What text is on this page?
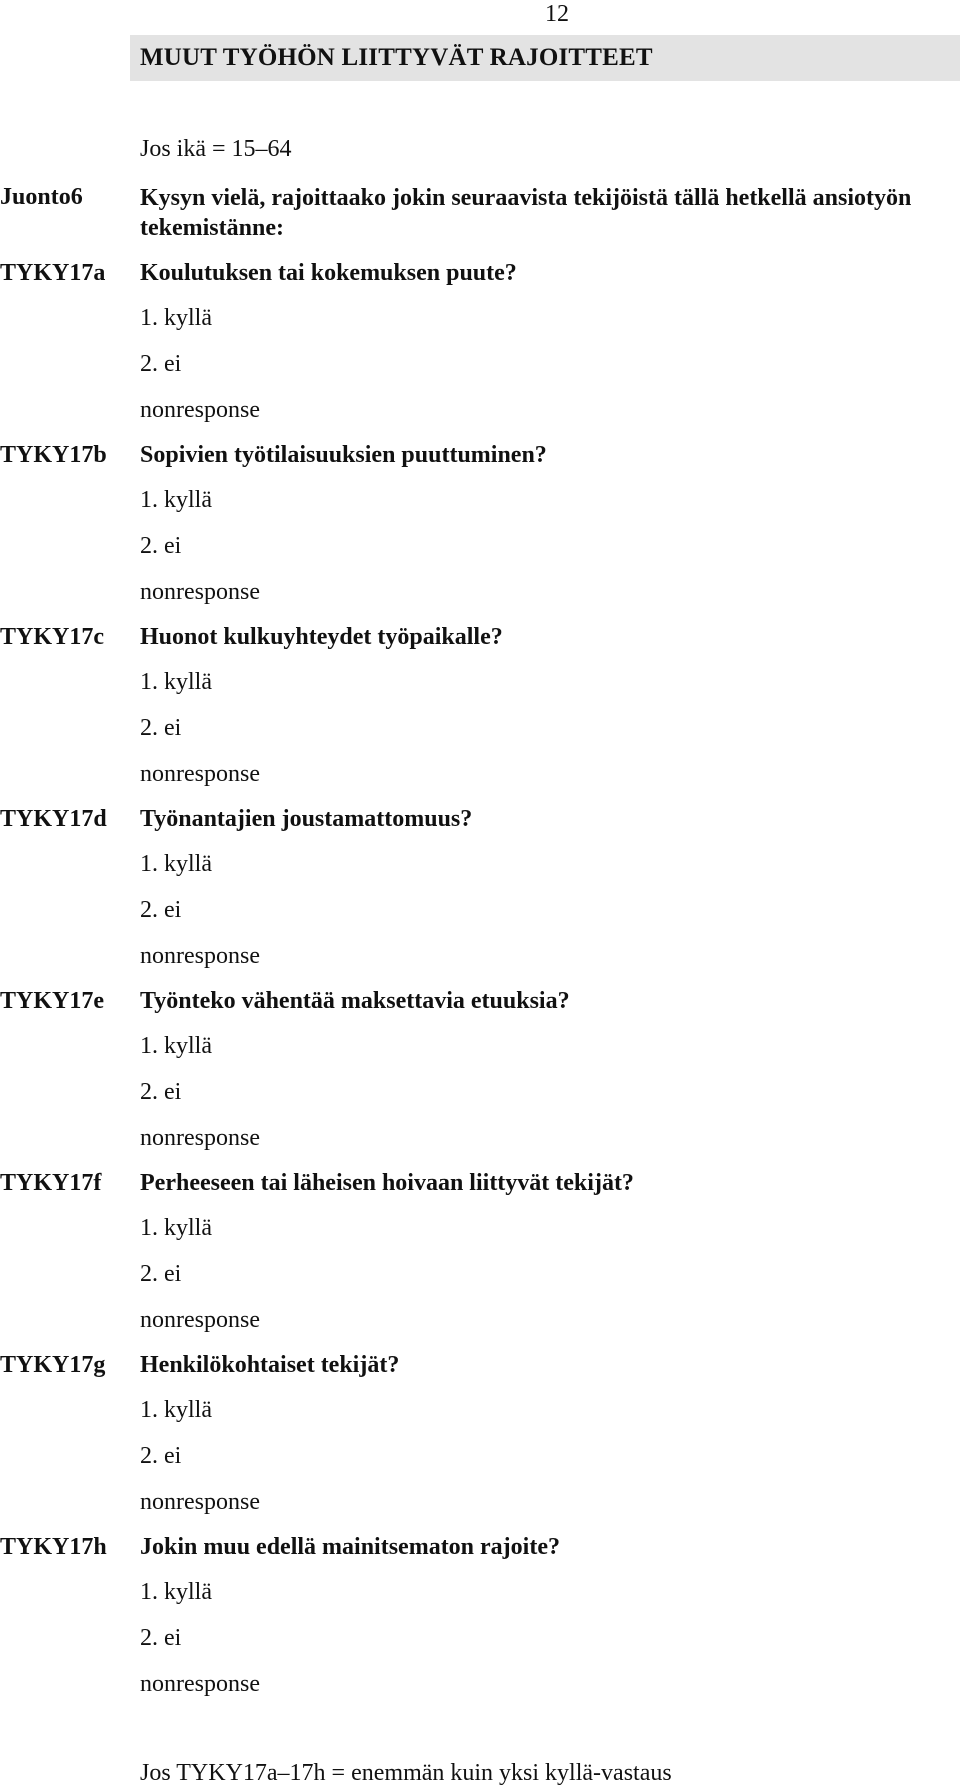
12
MUUT TYÖHÖN LIITTYVÄT RAJOITTEET
Jos ikä = 15–64
Juonto6 Kysyn vielä, rajoittaako jokin seuraavista tekijöistä tällä hetkellä ansiotyön tekemistänne:
TYKY17a Koulutuksen tai kokemuksen puute?
1. kyllä
2. ei
nonresponse
TYKY17b Sopivien työtilaisuuksien puuttuminen?
1. kyllä
2. ei
nonresponse
TYKY17c Huonot kulkuyhteydet työpaikalle?
1. kyllä
2. ei
nonresponse
TYKY17d Työnantajien joustamattomuus?
1. kyllä
2. ei
nonresponse
TYKY17e Työnteko vähentää maksettavia etuuksia?
1. kyllä
2. ei
nonresponse
TYKY17f Perheeseen tai läheisen hoivaan liittyvät tekijät?
1. kyllä
2. ei
nonresponse
TYKY17g Henkilökohtaiset tekijät?
1. kyllä
2. ei
nonresponse
TYKY17h Jokin muu edellä mainitsematon rajoite?
1. kyllä
2. ei
nonresponse
Jos TYKY17a–17h = enemmän kuin yksi kyllä-vastaus
